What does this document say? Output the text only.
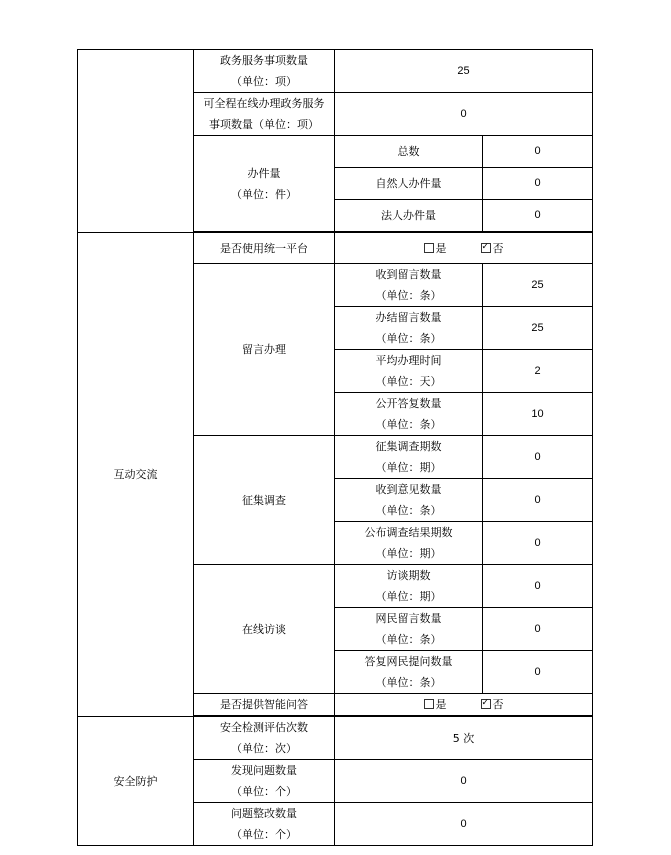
	政务服务事项数量
（单位：项）	25	

	可全程在线办理政务服务
事项数量（单位：项）	0	

	办件量
（单位：件）	总数	0
		自然人办件量	0
		法人办件量	0

互动交流	是否使用统一平台	是 ✓ 否
	留言办理	收到留言数量
（单位：条）	25

		办结留言数量
（单位：条）	25

		平均办理时间
（单位：天）	2

		公开答复数量
（单位：条）	10
	征集调查	征集调查期数
（单位：期）	0

		收到意见数量
（单位：条）	0

		公布调查结果期数
（单位：期）	0
	在线访谈	访谈期数
（单位：期）	0

		网民留言数量
（单位：条）	0

		答复网民提问数量
（单位：条）	0
	是否提供智能问答	是 ✓ 否

安全防护	安全检测评估次数
（单位：次）	5 次	

	发现问题数量
（单位：个）	0	

	问题整改数量
（单位：个）	0	
